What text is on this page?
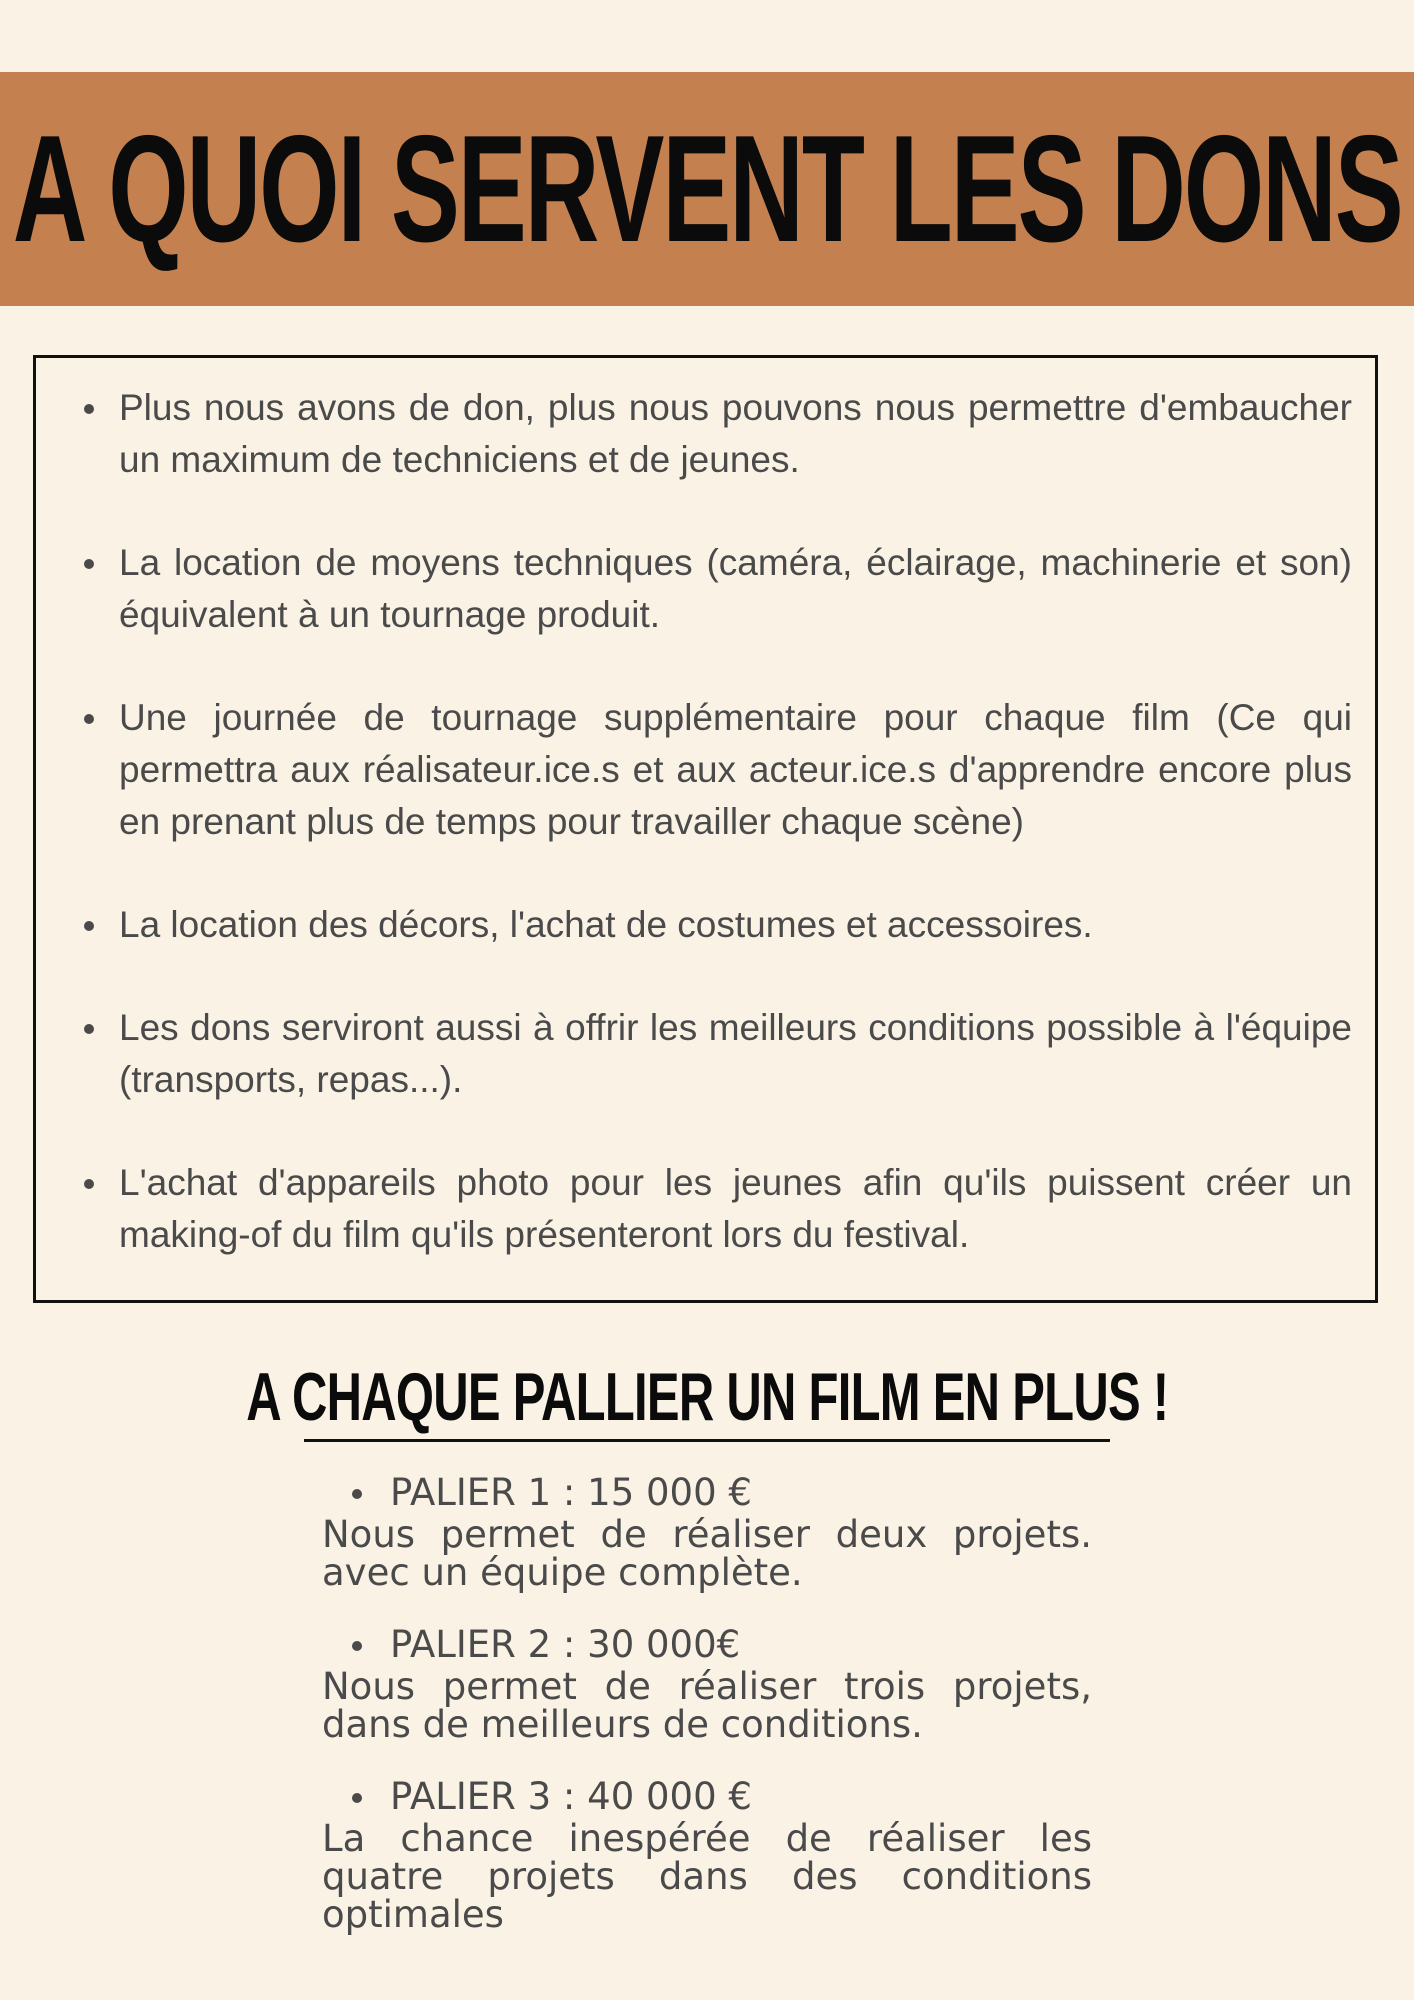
A QUOI SERVENT LES DONS
Plus nous avons de don, plus nous pouvons nous permettre d'embaucher un maximum de techniciens et de jeunes.
La location de moyens techniques (caméra, éclairage, machinerie et son) équivalent à un tournage produit.
Une journée de tournage supplémentaire pour chaque film (Ce qui permettra aux réalisateur.ice.s et aux acteur.ice.s d'apprendre encore plus en prenant plus de temps pour travailler chaque scène)
La location des décors, l'achat de costumes et accessoires.
Les dons serviront aussi à offrir les meilleurs conditions possible à l'équipe (transports, repas...).
L'achat d'appareils photo pour les jeunes afin qu'ils puissent créer un making-of du film qu'ils présenteront lors du festival.
A CHAQUE PALLIER UN FILM EN PLUS !
PALIER 1 : 15 000 €
Nous permet de réaliser deux projets. avec un équipe complète.
PALIER 2 : 30 000€
Nous permet de réaliser trois projets, dans de meilleurs de conditions.
PALIER 3 : 40 000 €
La chance inespérée de réaliser les quatre projets dans des conditions optimales
